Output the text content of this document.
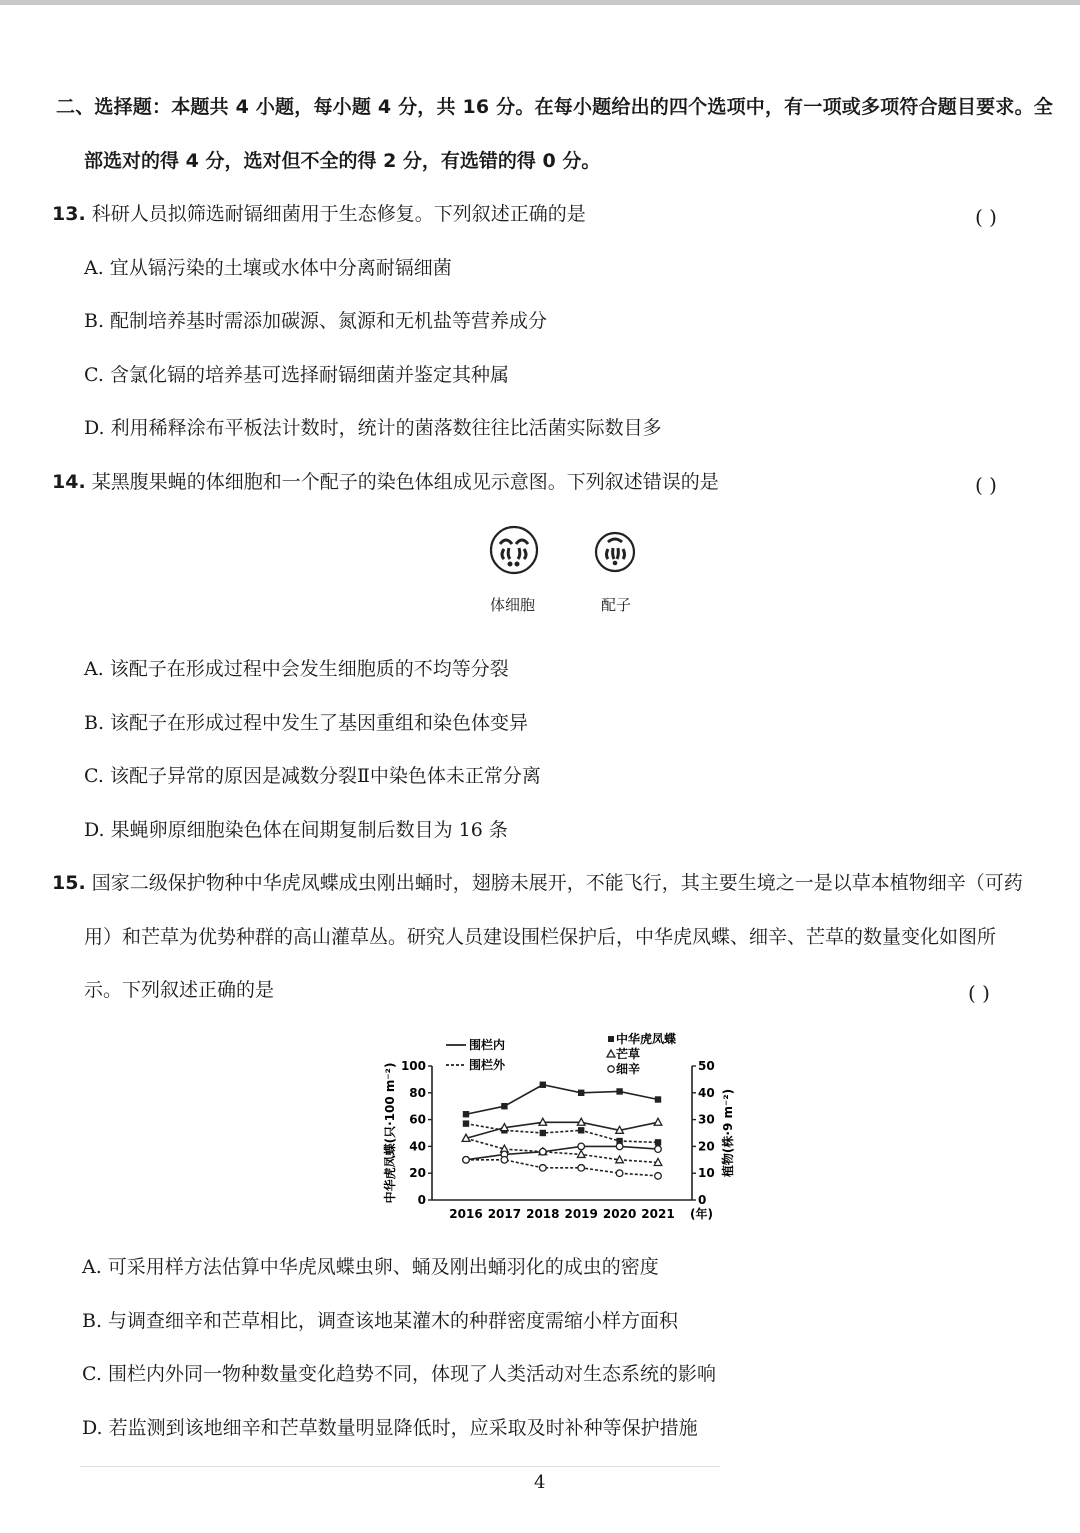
二、选择题：本题共 4 小题，每小题 4 分，共 16 分。在每小题给出的四个选项中，有一项或多项符合题目要求。全
部选对的得 4 分，选对但不全的得 2 分，有选错的得 0 分。
13. 科研人员拟筛选耐镉细菌用于生态修复。下列叙述正确的是	( )
A. 宜从镉污染的土壤或水体中分离耐镉细菌
B. 配制培养基时需添加碳源、氮源和无机盐等营养成分
C. 含氯化镉的培养基可选择耐镉细菌并鉴定其种属
D. 利用稀释涂布平板法计数时，统计的菌落数往往比活菌实际数目多
14. 某黑腹果蝇的体细胞和一个配子的染色体组成见示意图。下列叙述错误的是	( )
体细胞	配子
A. 该配子在形成过程中会发生细胞质的不均等分裂
B. 该配子在形成过程中发生了基因重组和染色体变异
C. 该配子异常的原因是减数分裂Ⅱ中染色体未正常分离
D. 果蝇卵原细胞染色体在间期复制后数目为 16 条
15. 国家二级保护物种中华虎凤蝶成虫刚出蛹时，翅膀未展开，不能飞行，其主要生境之一是以草本植物细辛（可药
用）和芒草为优势种群的高山灌草丛。研究人员建设围栏保护后，中华虎凤蝶、细辛、芒草的数量变化如图所
示。下列叙述正确的是	( )
0
20
40
60
80
100
0
10
20
30
40
50
2016 2017 2018 2019 2020 2021
中华虎凤蝶(只·100 m⁻²)	植物(株·9 m⁻²)
(年)
围栏内
围栏外
中华虎凤蝶
芒草
细辛
A. 可采用样方法估算中华虎凤蝶虫卵、蛹及刚出蛹羽化的成虫的密度
B. 与调查细辛和芒草相比，调查该地某灌木的种群密度需缩小样方面积
C. 围栏内外同一物种数量变化趋势不同，体现了人类活动对生态系统的影响
D. 若监测到该地细辛和芒草数量明显降低时，应采取及时补种等保护措施
4
